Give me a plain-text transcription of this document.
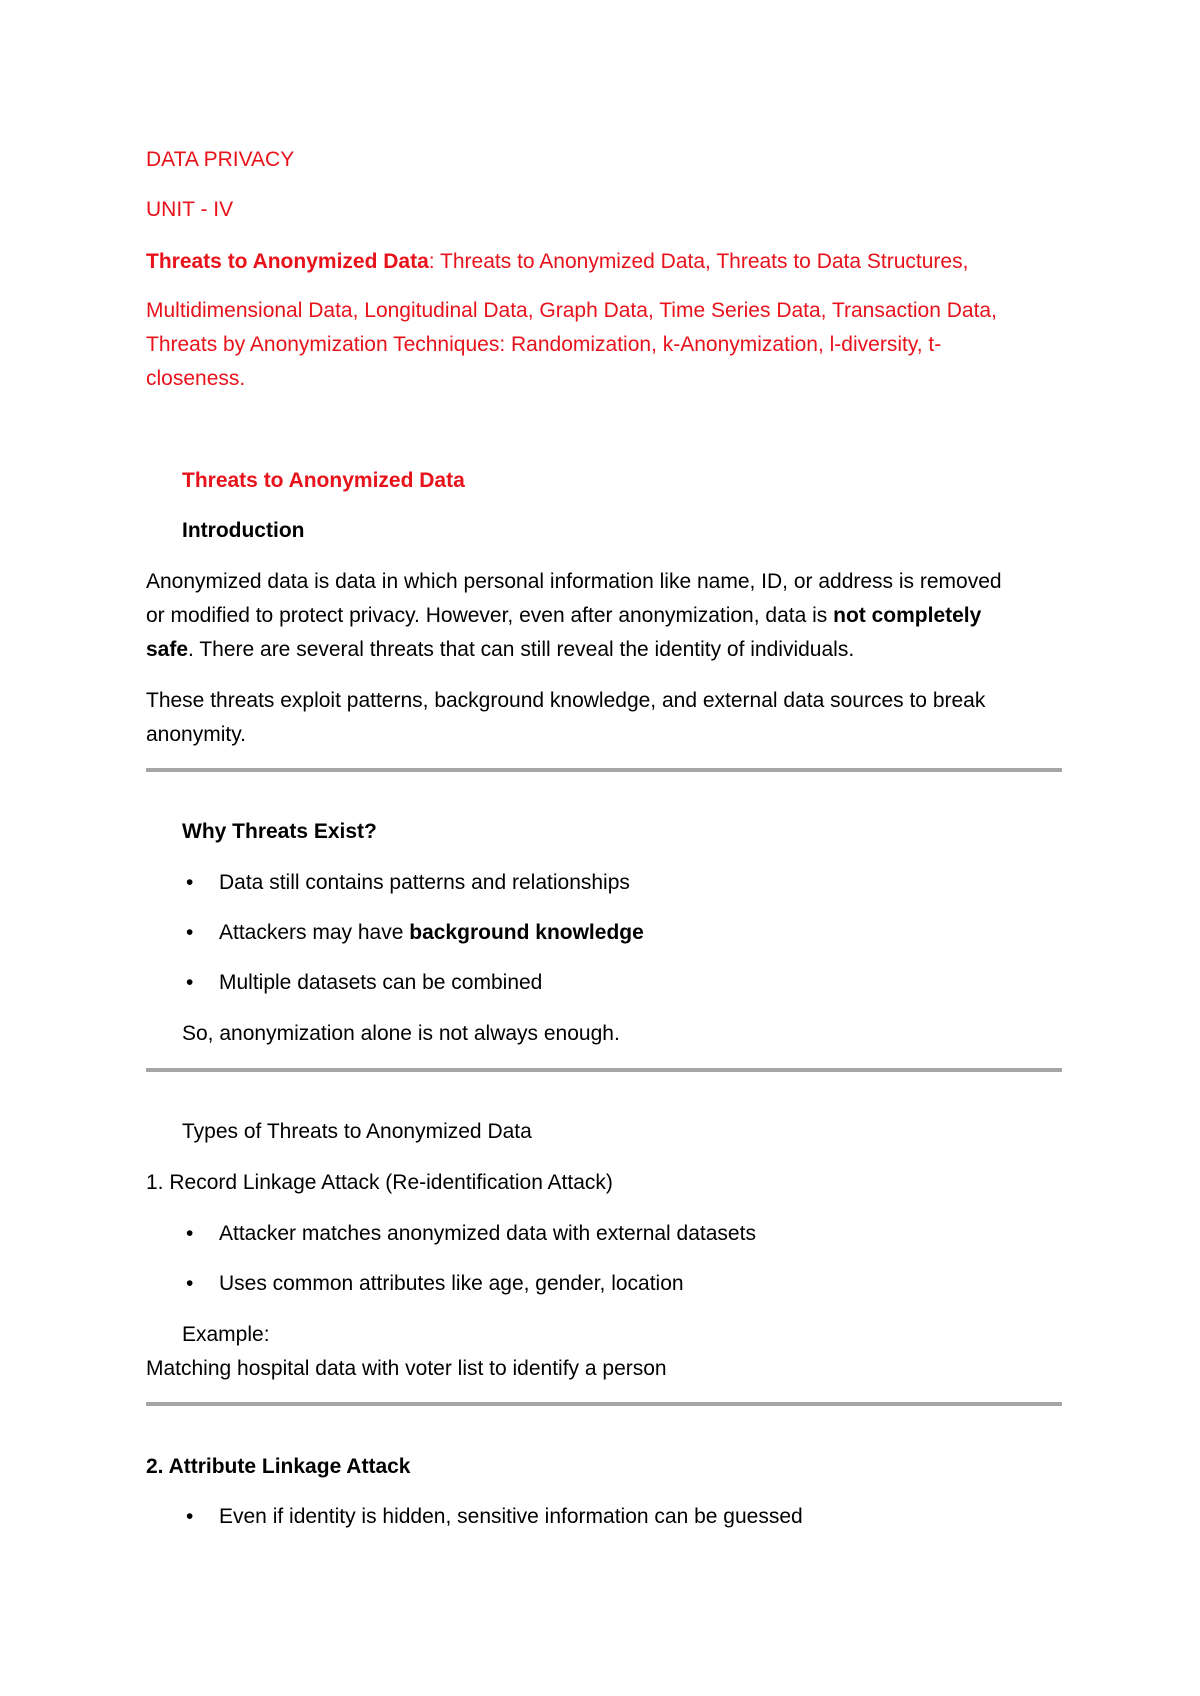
DATA PRIVACY
UNIT - IV
Threats to Anonymized Data: Threats to Anonymized Data, Threats to Data Structures,
Multidimensional Data, Longitudinal Data, Graph Data, Time Series Data, Transaction Data,
Threats by Anonymization Techniques: Randomization, k-Anonymization, l-diversity, t-
closeness.
Threats to Anonymized Data
Introduction
Anonymized data is data in which personal information like name, ID, or address is removed
or modified to protect privacy. However, even after anonymization, data is not completely
safe. There are several threats that can still reveal the identity of individuals.
These threats exploit patterns, background knowledge, and external data sources to break
anonymity.
Why Threats Exist?
• Data still contains patterns and relationships
• Attackers may have background knowledge
• Multiple datasets can be combined
So, anonymization alone is not always enough.
Types of Threats to Anonymized Data
1. Record Linkage Attack (Re-identification Attack)
• Attacker matches anonymized data with external datasets
• Uses common attributes like age, gender, location
Example:
Matching hospital data with voter list to identify a person
2. Attribute Linkage Attack
• Even if identity is hidden, sensitive information can be guessed
